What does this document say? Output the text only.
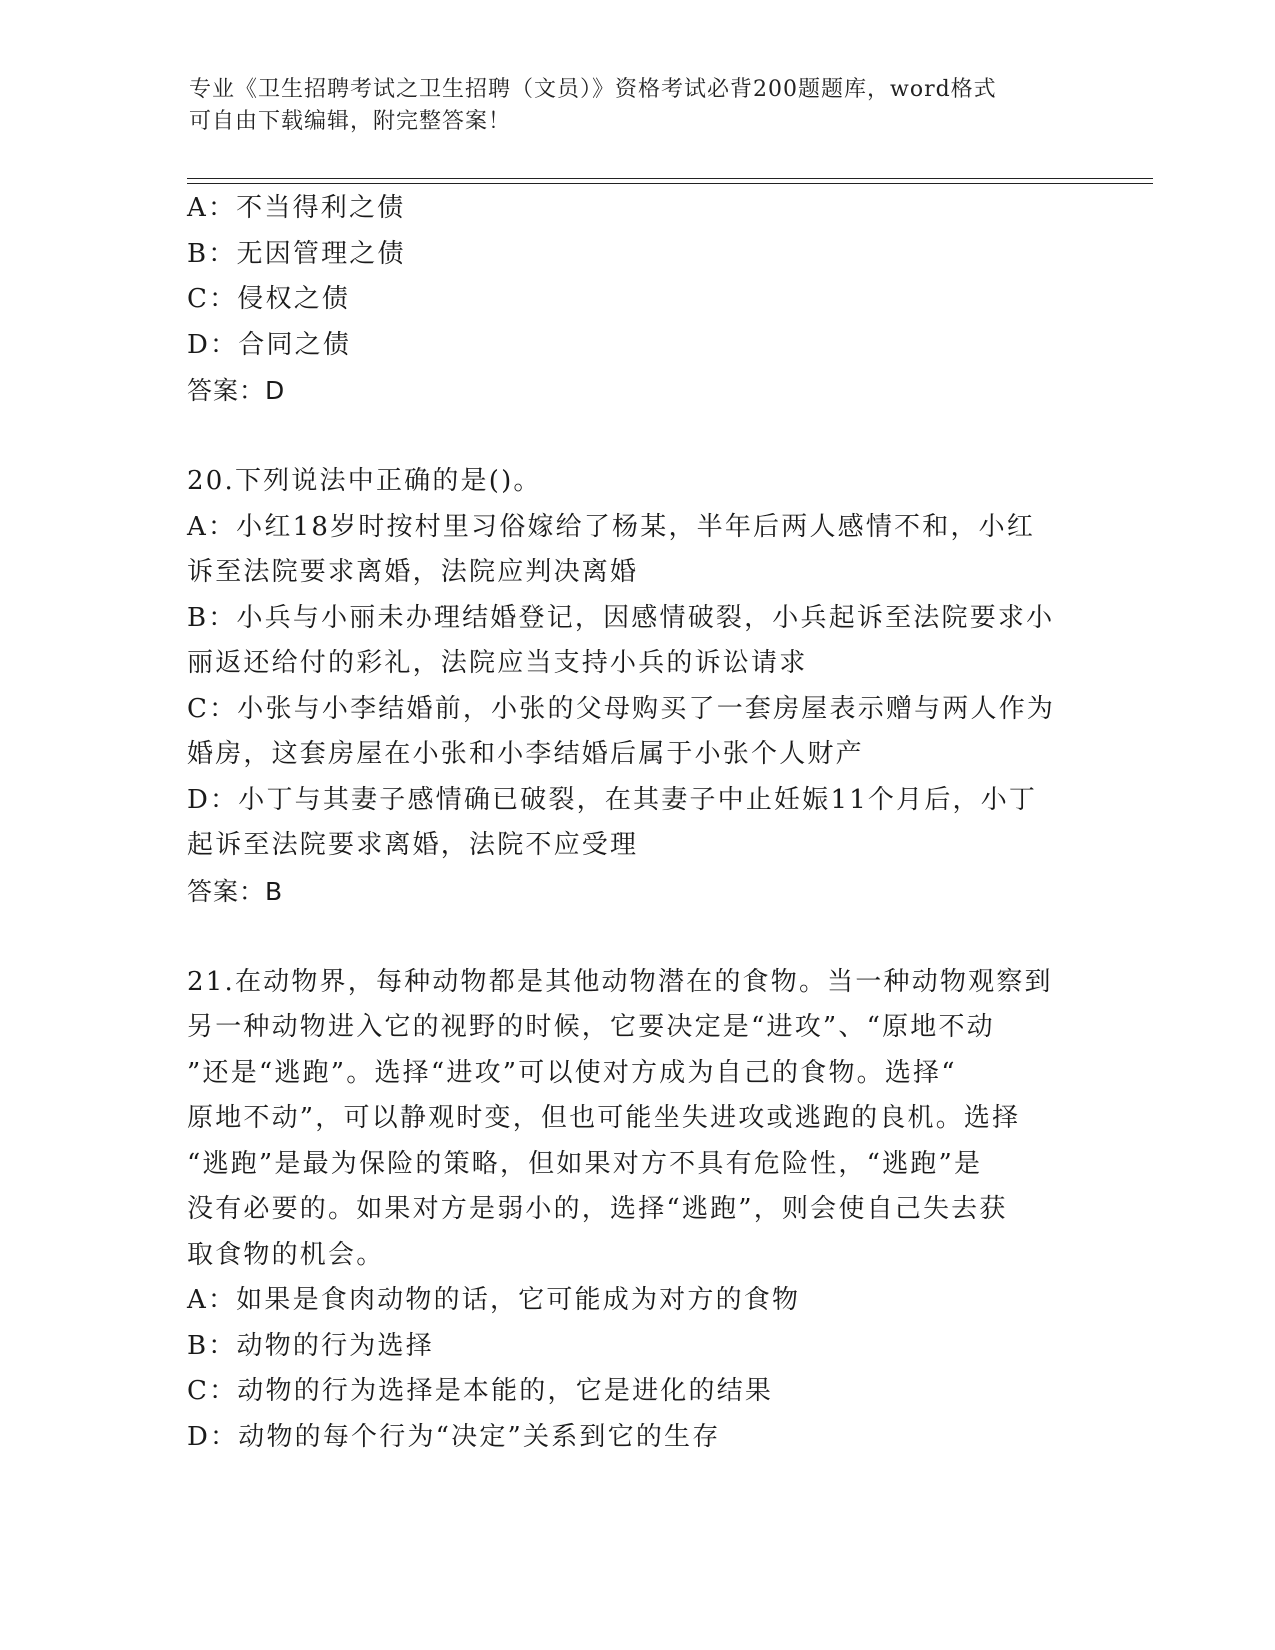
专业《卫生招聘考试之卫生招聘（文员）》资格考试必背200题题库，word格式
可自由下载编辑，附完整答案！
A：不当得利之债
B：无因管理之债
C：侵权之债
D：合同之债
答案：D
20.下列说法中正确的是()。
A：小红18岁时按村里习俗嫁给了杨某，半年后两人感情不和，小红
诉至法院要求离婚，法院应判决离婚
B：小兵与小丽未办理结婚登记，因感情破裂，小兵起诉至法院要求小
丽返还给付的彩礼，法院应当支持小兵的诉讼请求
C：小张与小李结婚前，小张的父母购买了一套房屋表示赠与两人作为
婚房，这套房屋在小张和小李结婚后属于小张个人财产
D：小丁与其妻子感情确已破裂，在其妻子中止妊娠11个月后，小丁
起诉至法院要求离婚，法院不应受理
答案：B
21.在动物界，每种动物都是其他动物潜在的食物。当一种动物观察到
另一种动物进入它的视野的时候，它要决定是“进攻”、“原地不动
”还是“逃跑”。选择“进攻”可以使对方成为自己的食物。选择“
原地不动”，可以静观时变，但也可能坐失进攻或逃跑的良机。选择
“逃跑”是最为保险的策略，但如果对方不具有危险性，“逃跑”是
没有必要的。如果对方是弱小的，选择“逃跑”，则会使自己失去获
取食物的机会。
A：如果是食肉动物的话，它可能成为对方的食物
B：动物的行为选择
C：动物的行为选择是本能的，它是进化的结果
D：动物的每个行为“决定”关系到它的生存
